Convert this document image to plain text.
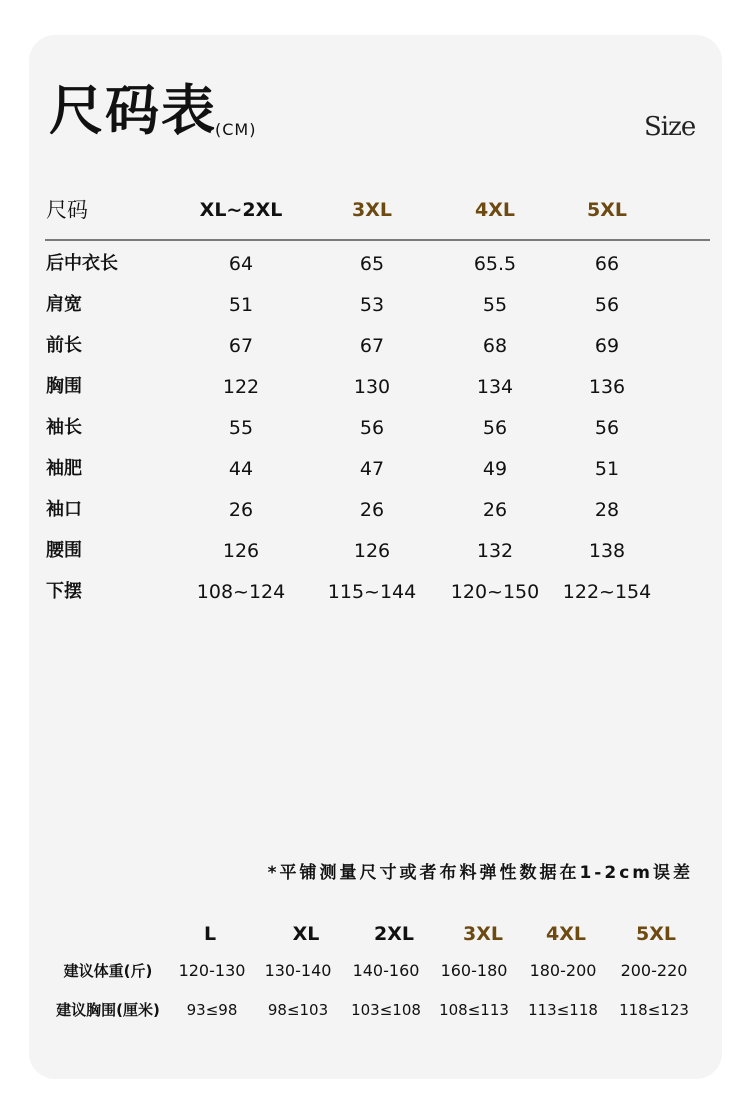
尺码表
(CM)	Size
尺码	XL~2XL	3XL	4XL	5XL
后中衣长	64	65	65.5	66
肩宽	51	53	55	56
前长	67	67	68	69
胸围	122	130	134	136
袖长	55	56	56	56
袖肥	44	47	49	51
袖口	26	26	26	28
腰围	126	126	132	138
下摆	108~124 115~144 120~150 122~154
*平铺测量尺寸或者布料弹性数据在1-2cm误差
L	XL	2XL	3XL 4XL	5XL
建议体重(斤) 120-130 130-140 140-160 160-180 180-200 200-220
建议胸围(厘米) 93≤98 98≤103 103≤108 108≤113 113≤118 118≤123
